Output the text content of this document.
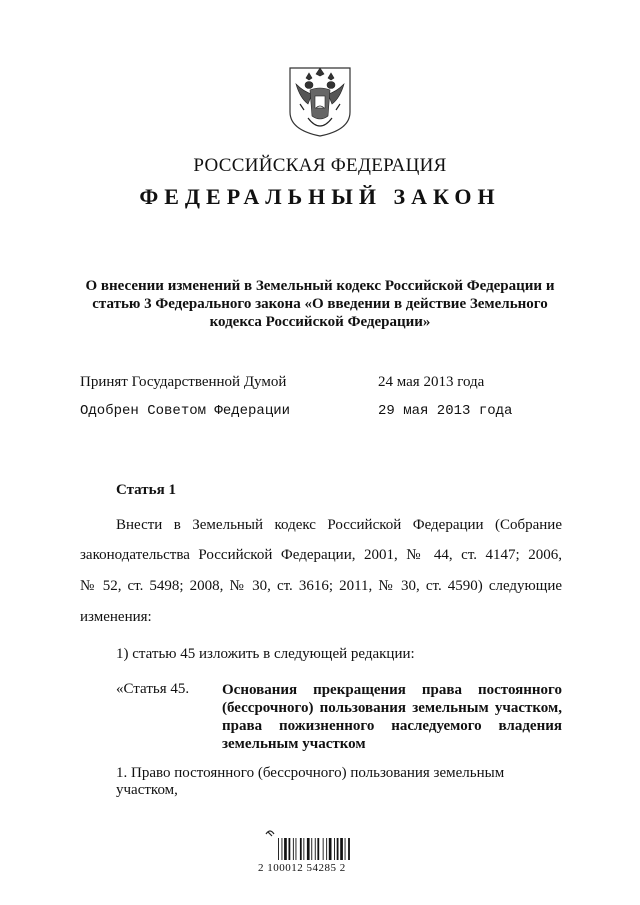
РОССИЙСКАЯ ФЕДЕРАЦИЯ
ФЕДЕРАЛЬНЫЙ ЗАКОН
О внесении изменений в Земельный кодекс Российской Федерации и
статью 3 Федерального закона «О введении в действие Земельного
кодекса Российской Федерации»
Принят Государственной Думой	24 мая 2013 года
Одобрен Советом Федерации	29 мая 2013 года
Статья 1
Внести в Земельный кодекс Российской Федерации (Собрание
законодательства Российской Федерации, 2001, № 44, ст. 4147; 2006,
№ 52, ст. 5498; 2008, № 30, ст. 3616; 2011, № 30, ст. 4590) следующие
изменения:
1) статью 45 изложить в следующей редакции:
«Статья 45. Основания прекращения права постоянного
(бессрочного) пользования земельным участком,
права пожизненного наследуемого владения
земельным участком
1. Право постоянного (бессрочного) пользования земельным участком,
2 100012 54285 2
